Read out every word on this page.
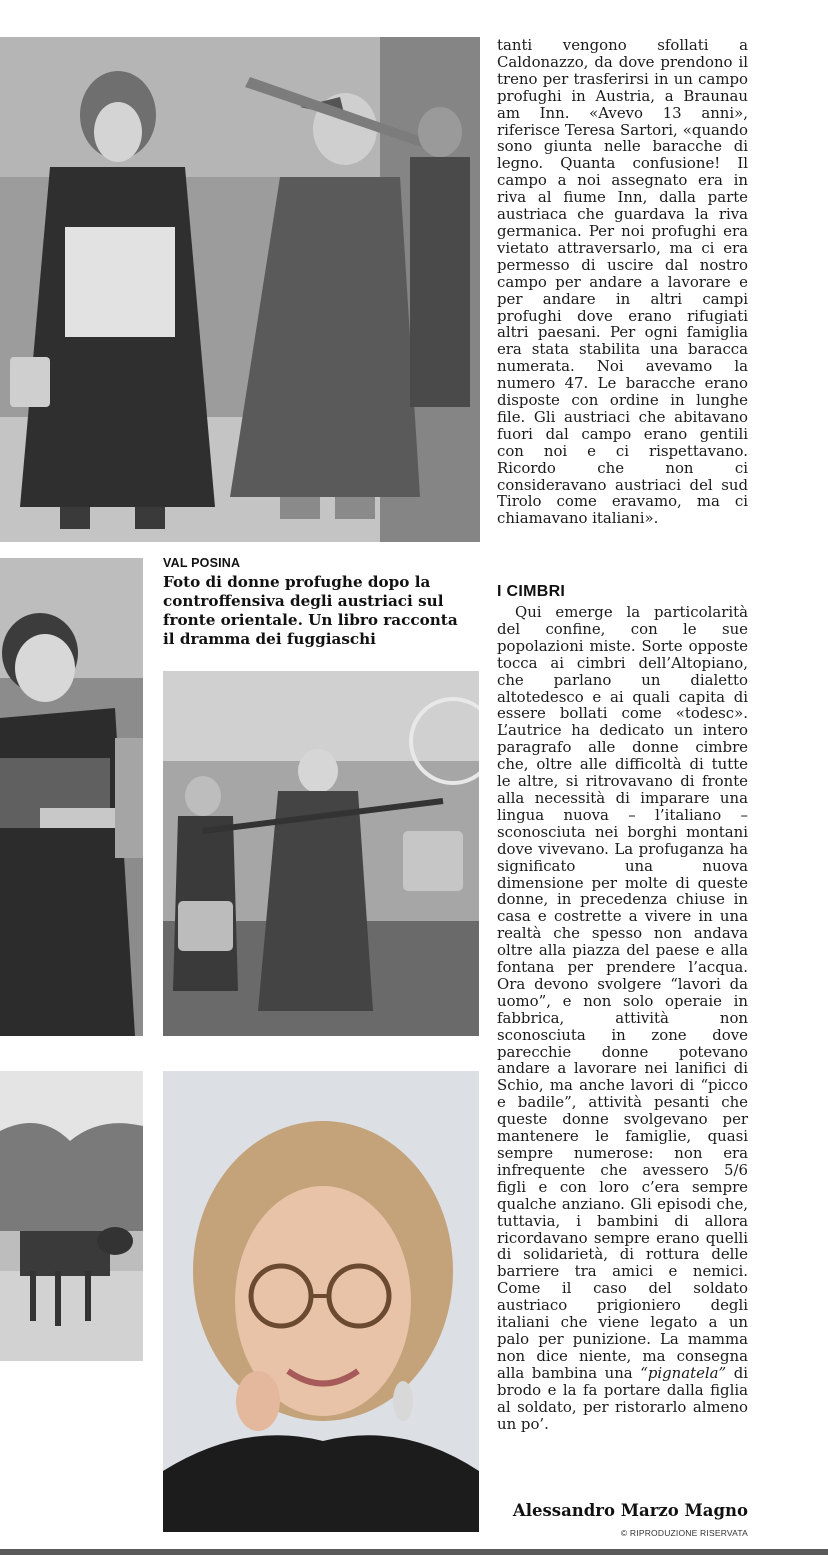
VAL POSINA
Foto di donne profughe dopo la controffensiva degli austriaci sul fronte orientale. Un libro racconta il dramma dei fuggiaschi
tanti vengono sfollati a Caldonazzo, da dove prendono il treno per trasferirsi in un campo profughi in Austria, a Braunau am Inn. «Avevo 13 anni», riferisce Teresa Sartori, «quando sono giunta nelle baracche di legno. Quanta confusione! Il campo a noi assegnato era in riva al fiume Inn, dalla parte austriaca che guardava la riva germanica. Per noi profughi era vietato attraversarlo, ma ci era permesso di uscire dal nostro campo per andare a lavorare e per andare in altri campi profughi dove erano rifugiati altri paesani. Per ogni famiglia era stata stabilita una baracca numerata. Noi avevamo la numero 47. Le baracche erano disposte con ordine in lunghe file. Gli austriaci che abitavano fuori dal campo erano gentili con noi e ci rispettavano. Ricordo che non ci consideravano austriaci del sud Tirolo come eravamo, ma ci chiamavano italiani».
I CIMBRI
Qui emerge la particolarità del confine, con le sue popolazioni miste. Sorte opposte tocca ai cimbri dell’Altopiano, che parlano un dialetto altotedesco e ai quali capita di essere bollati come «todesc». L’autrice ha dedicato un intero paragrafo alle donne cimbre che, oltre alle difficoltà di tutte le altre, si ritrovavano di fronte alla necessità di imparare una lingua nuova – l’italiano – sconosciuta nei borghi montani dove vivevano. La profuganza ha significato una nuova dimensione per molte di queste donne, in precedenza chiuse in casa e costrette a vivere in una realtà che spesso non andava oltre alla piazza del paese e alla fontana per prendere l’acqua. Ora devono svolgere “lavori da uomo”, e non solo operaie in fabbrica, attività non sconosciuta in zone dove parecchie donne potevano andare a lavorare nei lanifici di Schio, ma anche lavori di “picco e badile”, attività pesanti che queste donne svolgevano per mantenere le famiglie, quasi sempre numerose: non era infrequente che avessero 5/6 figli e con loro c’era sempre qualche anziano. Gli episodi che, tuttavia, i bambini di allora ricordavano sempre erano quelli di solidarietà, di rottura delle barriere tra amici e nemici. Come il caso del soldato austriaco prigioniero degli italiani che viene legato a un palo per punizione. La mamma non dice niente, ma consegna alla bambina una “pignatela” di brodo e la fa portare dalla figlia al soldato, per ristorarlo almeno un po’.
Alessandro Marzo Magno
© RIPRODUZIONE RISERVATA
